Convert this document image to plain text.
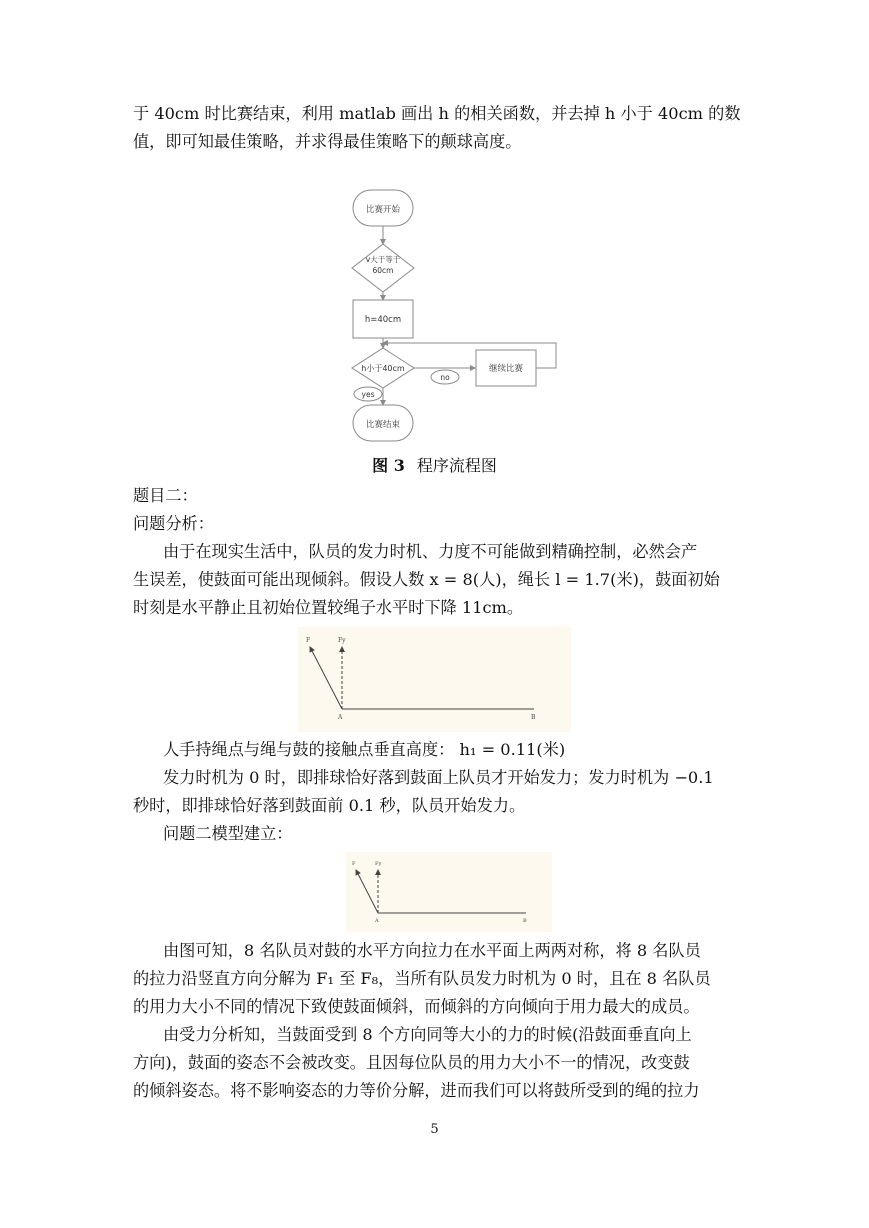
于 40cm 时比赛结束，利用 matlab 画出 h 的相关函数，并去掉 h 小于 40cm 的数
值，即可知最佳策略，并求得最佳策略下的颠球高度。
比赛开始
v大于等于
60cm
h=40cm
h小于40cm
no
继续比赛
yes
比赛结束
图 3 程序流程图
题目二：
问题分析：
由于在现实生活中，队员的发力时机、力度不可能做到精确控制，必然会产
生误差，使鼓面可能出现倾斜。假设人数 x = 8(人)，绳长 l = 1.7(米)，鼓面初始
时刻是水平静止且初始位置较绳子水平时下降 11cm。
F	Fy
A	B
人手持绳点与绳与鼓的接触点垂直高度： h₁ = 0.11(米)
发力时机为 0 时，即排球恰好落到鼓面上队员才开始发力；发力时机为 −0.1
秒时，即排球恰好落到鼓面前 0.1 秒，队员开始发力。
问题二模型建立：
F	Fy
A	B
由图可知，8 名队员对鼓的水平方向拉力在水平面上两两对称，将 8 名队员
的拉力沿竖直方向分解为 F₁ 至 F₈，当所有队员发力时机为 0 时，且在 8 名队员
的用力大小不同的情况下致使鼓面倾斜，而倾斜的方向倾向于用力最大的成员。
由受力分析知，当鼓面受到 8 个方向同等大小的力的时候(沿鼓面垂直向上
方向)，鼓面的姿态不会被改变。且因每位队员的用力大小不一的情况，改变鼓
的倾斜姿态。将不影响姿态的力等价分解，进而我们可以将鼓所受到的绳的拉力
5
